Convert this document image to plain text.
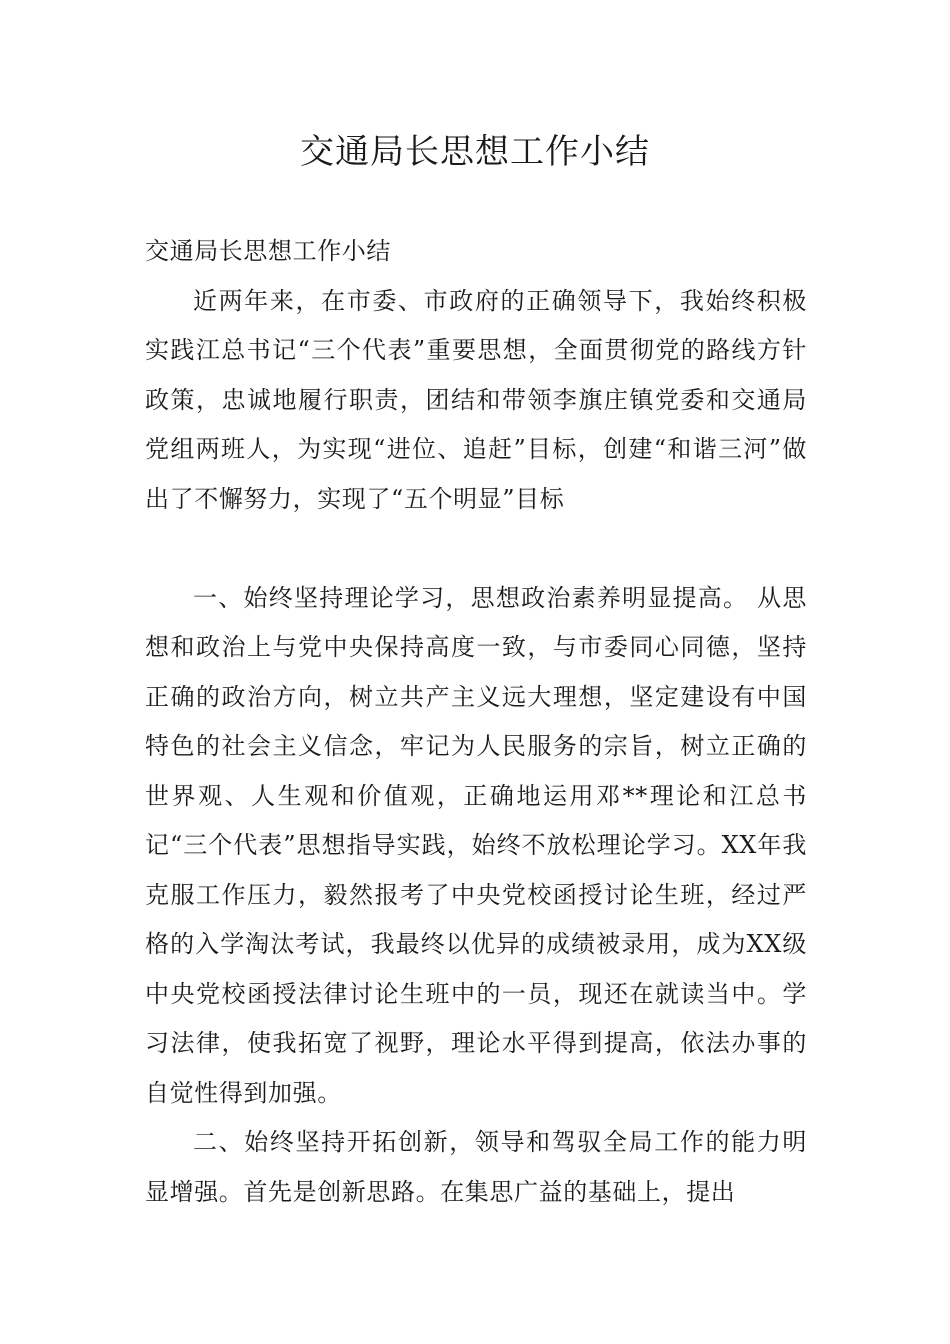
交通局长思想工作小结

交通局长思想工作小结

近两年来，在市委、市政府的正确领导下，我始终积极实践江总书记“三个代表”重要思想，全面贯彻党的路线方针政策，忠诚地履行职责，团结和带领李旗庄镇党委和交通局党组两班人，为实现“进位、追赶”目标，创建“和谐三河”做出了不懈努力，实现了“五个明显”目标

一、始终坚持理论学习，思想政治素养明显提高。 从思想和政治上与党中央保持高度一致，与市委同心同德，坚持正确的政治方向，树立共产主义远大理想，坚定建设有中国特色的社会主义信念，牢记为人民服务的宗旨，树立正确的世界观、人生观和价值观，正确地运用邓**理论和江总书记“三个代表”思想指导实践，始终不放松理论学习。XX年我克服工作压力，毅然报考了中央党校函授讨论生班，经过严格的入学淘汰考试，我最终以优异的成绩被录用，成为XX级中央党校函授法律讨论生班中的一员，现还在就读当中。学习法律，使我拓宽了视野，理论水平得到提高，依法办事的自觉性得到加强。

二、始终坚持开拓创新，领导和驾驭全局工作的能力明显增强。首先是创新思路。在集思广益的基础上，提出
